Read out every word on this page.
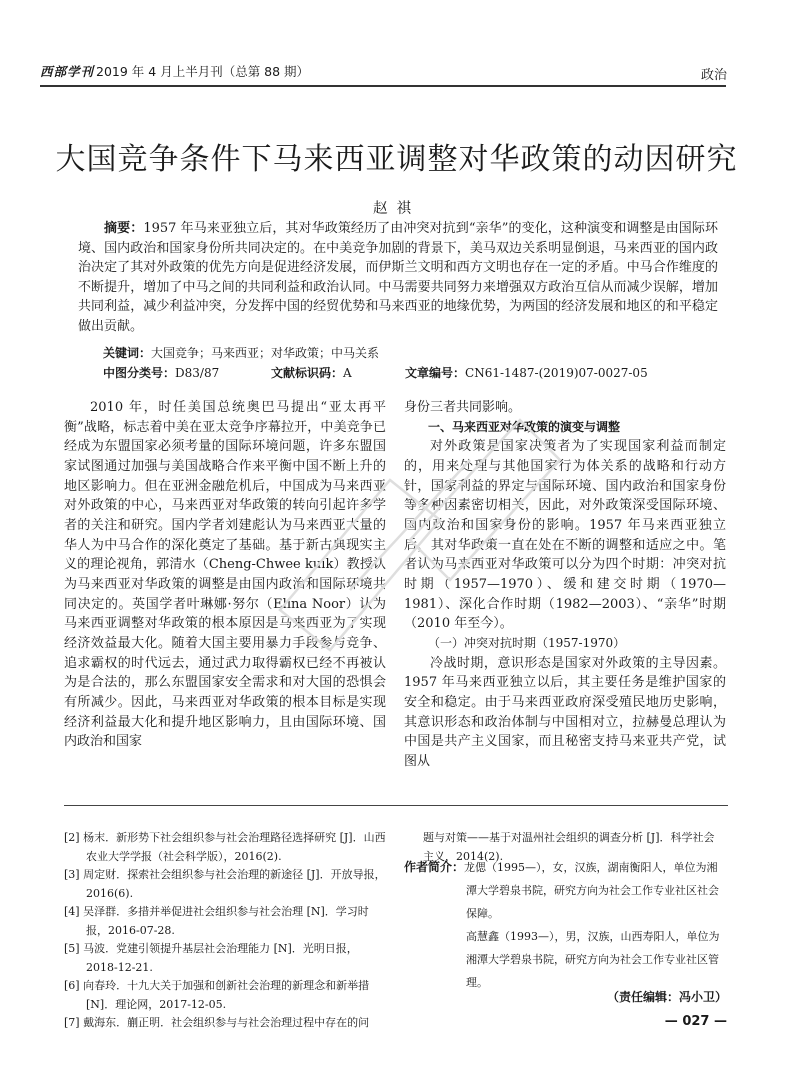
西部学刊 2019 年 4 月上半月刊（总第 88 期）	政治
大国竞争条件下马来西亚调整对华政策的动因研究
赵祺
摘要：1957 年马来亚独立后，其对华政策经历了由冲突对抗到“亲华”的变化，这种演变和调整是由国际环境、国内政治和国家身份所共同决定的。在中美竞争加剧的背景下，美马双边关系明显倒退，马来西亚的国内政治决定了其对外政策的优先方向是促进经济发展，而伊斯兰文明和西方文明也存在一定的矛盾。中马合作维度的不断提升，增加了中马之间的共同利益和政治认同。中马需要共同努力来增强双方政治互信从而减少误解，增加共同利益，减少利益冲突，分发挥中国的经贸优势和马来西亚的地缘优势，为两国的经济发展和地区的和平稳定做出贡献。
关键词：大国竞争；马来西亚；对华政策；中马关系
中图分类号：D83/87	文献标识码：A	文章编号：CN61-1487-(2019)07-0027-05

2010 年，时任美国总统奥巴马提出“亚太再平衡”战略，标志着中美在亚太竞争序幕拉开，中美竞争已经成为东盟国家必须考量的国际环境问题，许多东盟国家试图通过加强与美国战略合作来平衡中国不断上升的地区影响力。但在亚洲金融危机后，中国成为马来西亚对外政策的中心，马来西亚对华政策的转向引起许多学者的关注和研究。国内学者刘建彪认为马来西亚大量的华人为中马合作的深化奠定了基础。基于新古典现实主义的理论视角，郭清水（Cheng-Chwee kuik）教授认为马来西亚对华政策的调整是由国内政治和国际环境共同决定的。英国学者叶琳娜·努尔（Elina Noor）认为马来西亚调整对华政策的根本原因是马来西亚为了实现经济效益最大化。随着大国主要用暴力手段参与竞争、追求霸权的时代远去，通过武力取得霸权已经不再被认为是合法的，那么东盟国家安全需求和对大国的恐惧会有所减少。因此，马来西亚对华政策的根本目标是实现经济利益最大化和提升地区影响力，且由国际环境、国内政治和国家

身份三者共同影响。

一、马来西亚对华政策的演变与调整

对外政策是国家决策者为了实现国家利益而制定的，用来处理与其他国家行为体关系的战略和行动方针，国家利益的界定与国际环境、国内政治和国家身份等多种因素密切相关，因此，对外政策深受国际环境、国内政治和国家身份的影响。1957 年马来西亚独立后，其对华政策一直在处在不断的调整和适应之中。笔者认为马来西亚对华政策可以分为四个时期：冲突对抗时期（1957—1970）、缓和建交时期（1970—1981）、深化合作时期（1982—2003）、“亲华”时期（2010 年至今）。

（一）冲突对抗时期（1957-1970）

冷战时期，意识形态是国家对外政策的主导因素。1957 年马来西亚独立以后，其主要任务是维护国家的安全和稳定。由于马来西亚政府深受殖民地历史影响，其意识形态和政治体制与中国相对立，拉赫曼总理认为中国是共产主义国家，而且秘密支持马来亚共产党，试图从

[2] 杨末．新形势下社会组织参与社会治理路径选择研究 [J]．山西农业大学学报（社会科学版），2016(2).
[3] 周定财．探索社会组织参与社会治理的新途径 [J]．开放导报，2016(6).
[4] 吴泽群．多措并举促进社会组织参与社会治理 [N]．学习时报，2016-07-28.
[5] 马波．党建引领提升基层社会治理能力 [N]．光明日报，2018-12-21.
[6] 向春玲．十九大关于加强和创新社会治理的新理念和新举措 [N]．理论网，2017-12-05.
[7] 戴海东．蒯正明．社会组织参与与社会治理过程中存在的问
题与对策——基于对温州社会组织的调查分析 [J]．科学社会主义，2014(2).
作者简介：龙偲（1995—），女，汉族，湖南衡阳人，单位为湘潭大学碧泉书院，研究方向为社会工作专业社区社会保障。
高慧鑫（1993—），男，汉族，山西寿阳人，单位为湘潭大学碧泉书院，研究方向为社会工作专业社区管理。
（责任编辑：冯小卫）
— 027 —
